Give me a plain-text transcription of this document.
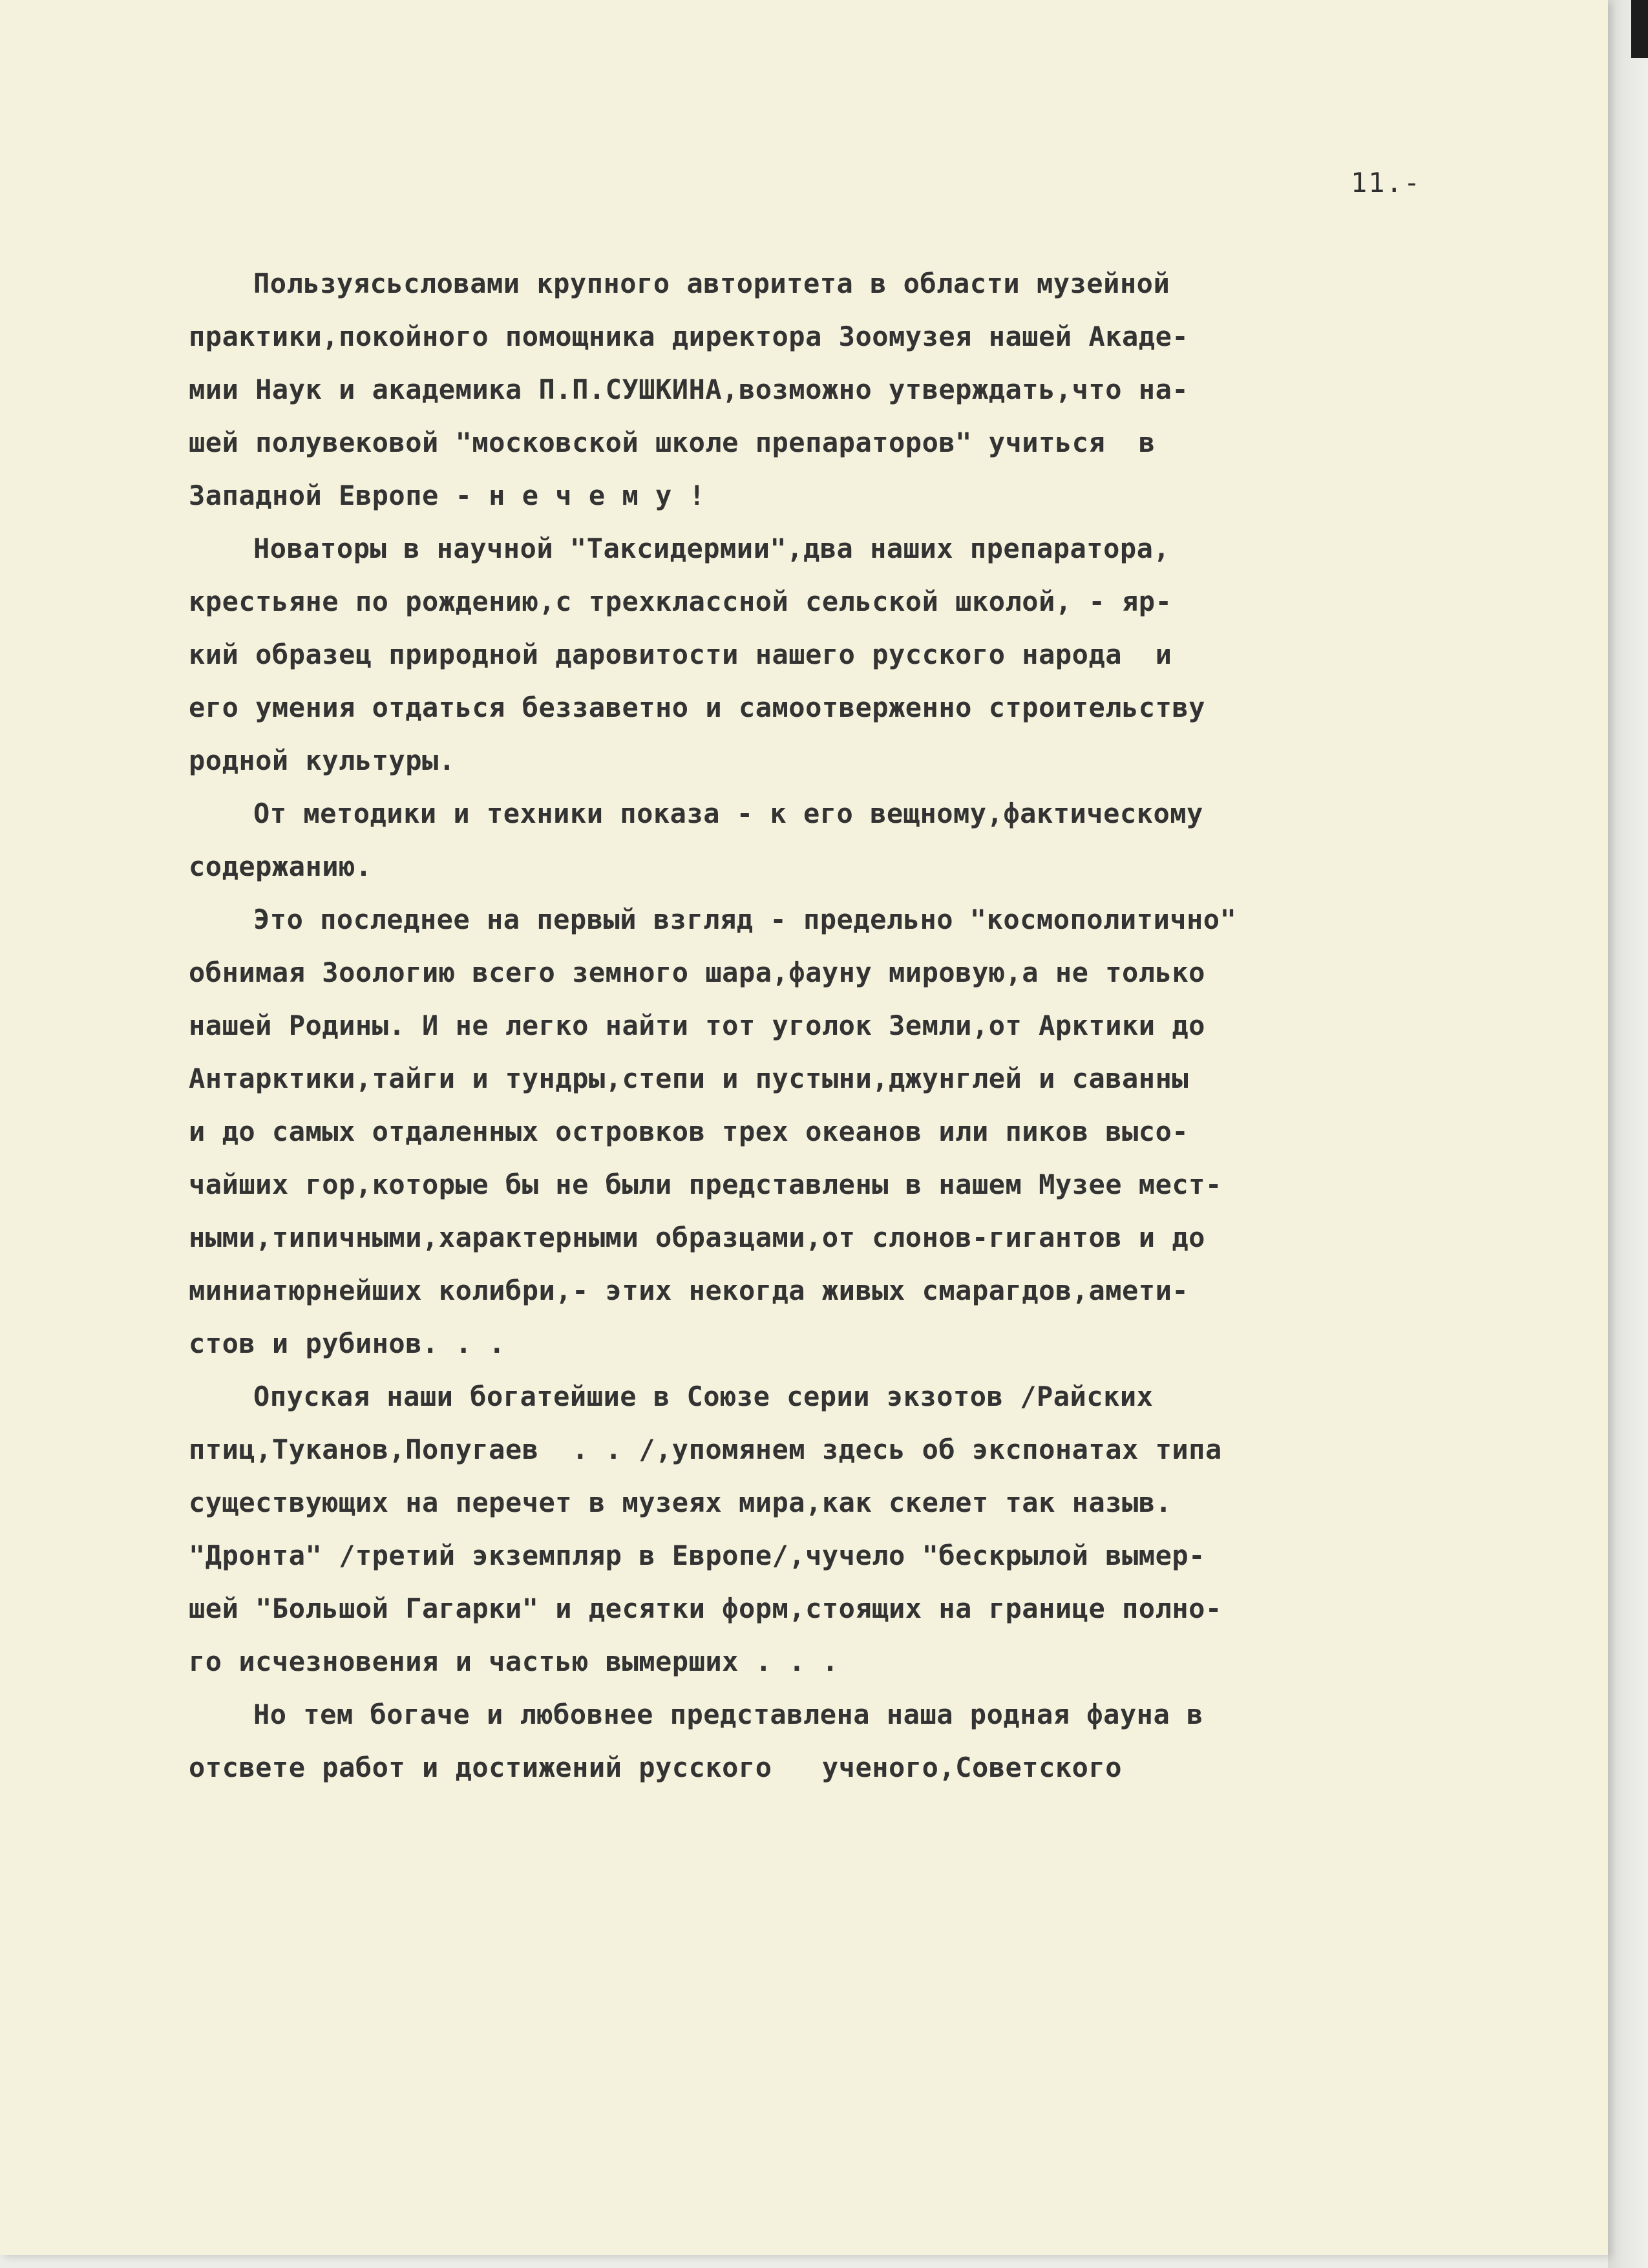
11.-
Пользуясьсловами крупного авторитета в области музейной
практики,покойного помощника директора Зоомузея нашей Акаде-
мии Наук и академика П.П.СУШКИНА,возможно утверждать,что на-
шей полувековой "московской школе препараторов" учиться  в
Западной Европе - н е ч е м у !
Новаторы в научной "Таксидермии",два наших препаратора,
крестьяне по рождению,с трехклассной сельской школой, - яр-
кий образец природной даровитости нашего русского народа  и
его умения отдаться беззаветно и самоотверженно строительству
родной культуры.
От методики и техники показа - к его вещному,фактическому
содержанию.
Это последнее на первый взгляд - предельно "космополитично"
обнимая Зоологию всего земного шара,фауну мировую,а не только
нашей Родины. И не легко найти тот уголок Земли,от Арктики до
Антарктики,тайги и тундры,степи и пустыни,джунглей и саванны
и до самых отдаленных островков трех океанов или пиков высо-
чайших гор,которые бы не были представлены в нашем Музее мест-
ными,типичными,характерными образцами,от слонов-гигантов и до
миниатюрнейших колибри,- этих некогда живых смарагдов,амети-
стов и рубинов. . .
Опуская наши богатейшие в Союзе серии экзотов /Райских
птиц,Туканов,Попугаев  . . /,упомянем здесь об экспонатах типа
существующих на перечет в музеях мира,как скелет так назыв.
"Дронта" /третий экземпляр в Европе/,чучело "бескрылой вымер-
шей "Большой Гагарки" и десятки форм,стоящих на границе полно-
го исчезновения и частью вымерших . . .
Но тем богаче и любовнее представлена наша родная фауна в
отсвете работ и достижений русского   ученого,Советского
